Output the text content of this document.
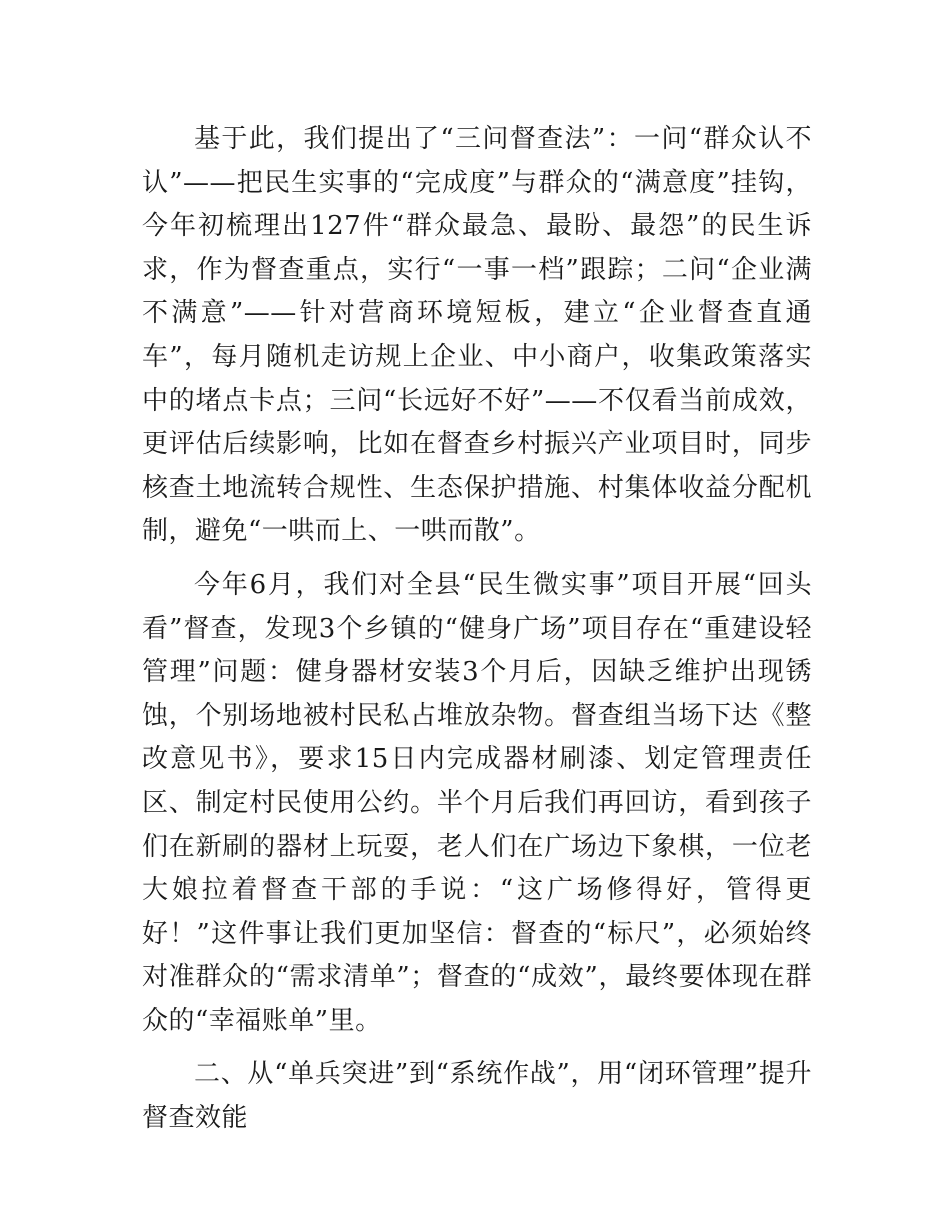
基于此，我们提出了“三问督查法”：一问“群众认不认”——把民生实事的“完成度”与群众的“满意度”挂钩，今年初梳理出127件“群众最急、最盼、最怨”的民生诉求，作为督查重点，实行“一事一档”跟踪；二问“企业满不满意”——针对营商环境短板，建立“企业督查直通车”，每月随机走访规上企业、中小商户，收集政策落实中的堵点卡点；三问“长远好不好”——不仅看当前成效，更评估后续影响，比如在督查乡村振兴产业项目时，同步核查土地流转合规性、生态保护措施、村集体收益分配机制，避免“一哄而上、一哄而散”。

今年6月，我们对全县“民生微实事”项目开展“回头看”督查，发现3个乡镇的“健身广场”项目存在“重建设轻管理”问题：健身器材安装3个月后，因缺乏维护出现锈蚀，个别场地被村民私占堆放杂物。督查组当场下达《整改意见书》，要求15日内完成器材刷漆、划定管理责任区、制定村民使用公约。半个月后我们再回访，看到孩子们在新刷的器材上玩耍，老人们在广场边下象棋，一位老大娘拉着督查干部的手说：“这广场修得好，管得更好！”这件事让我们更加坚信：督查的“标尺”，必须始终对准群众的“需求清单”；督查的“成效”，最终要体现在群众的“幸福账单”里。

二、从“单兵突进”到“系统作战”，用“闭环管理”提升督查效能
